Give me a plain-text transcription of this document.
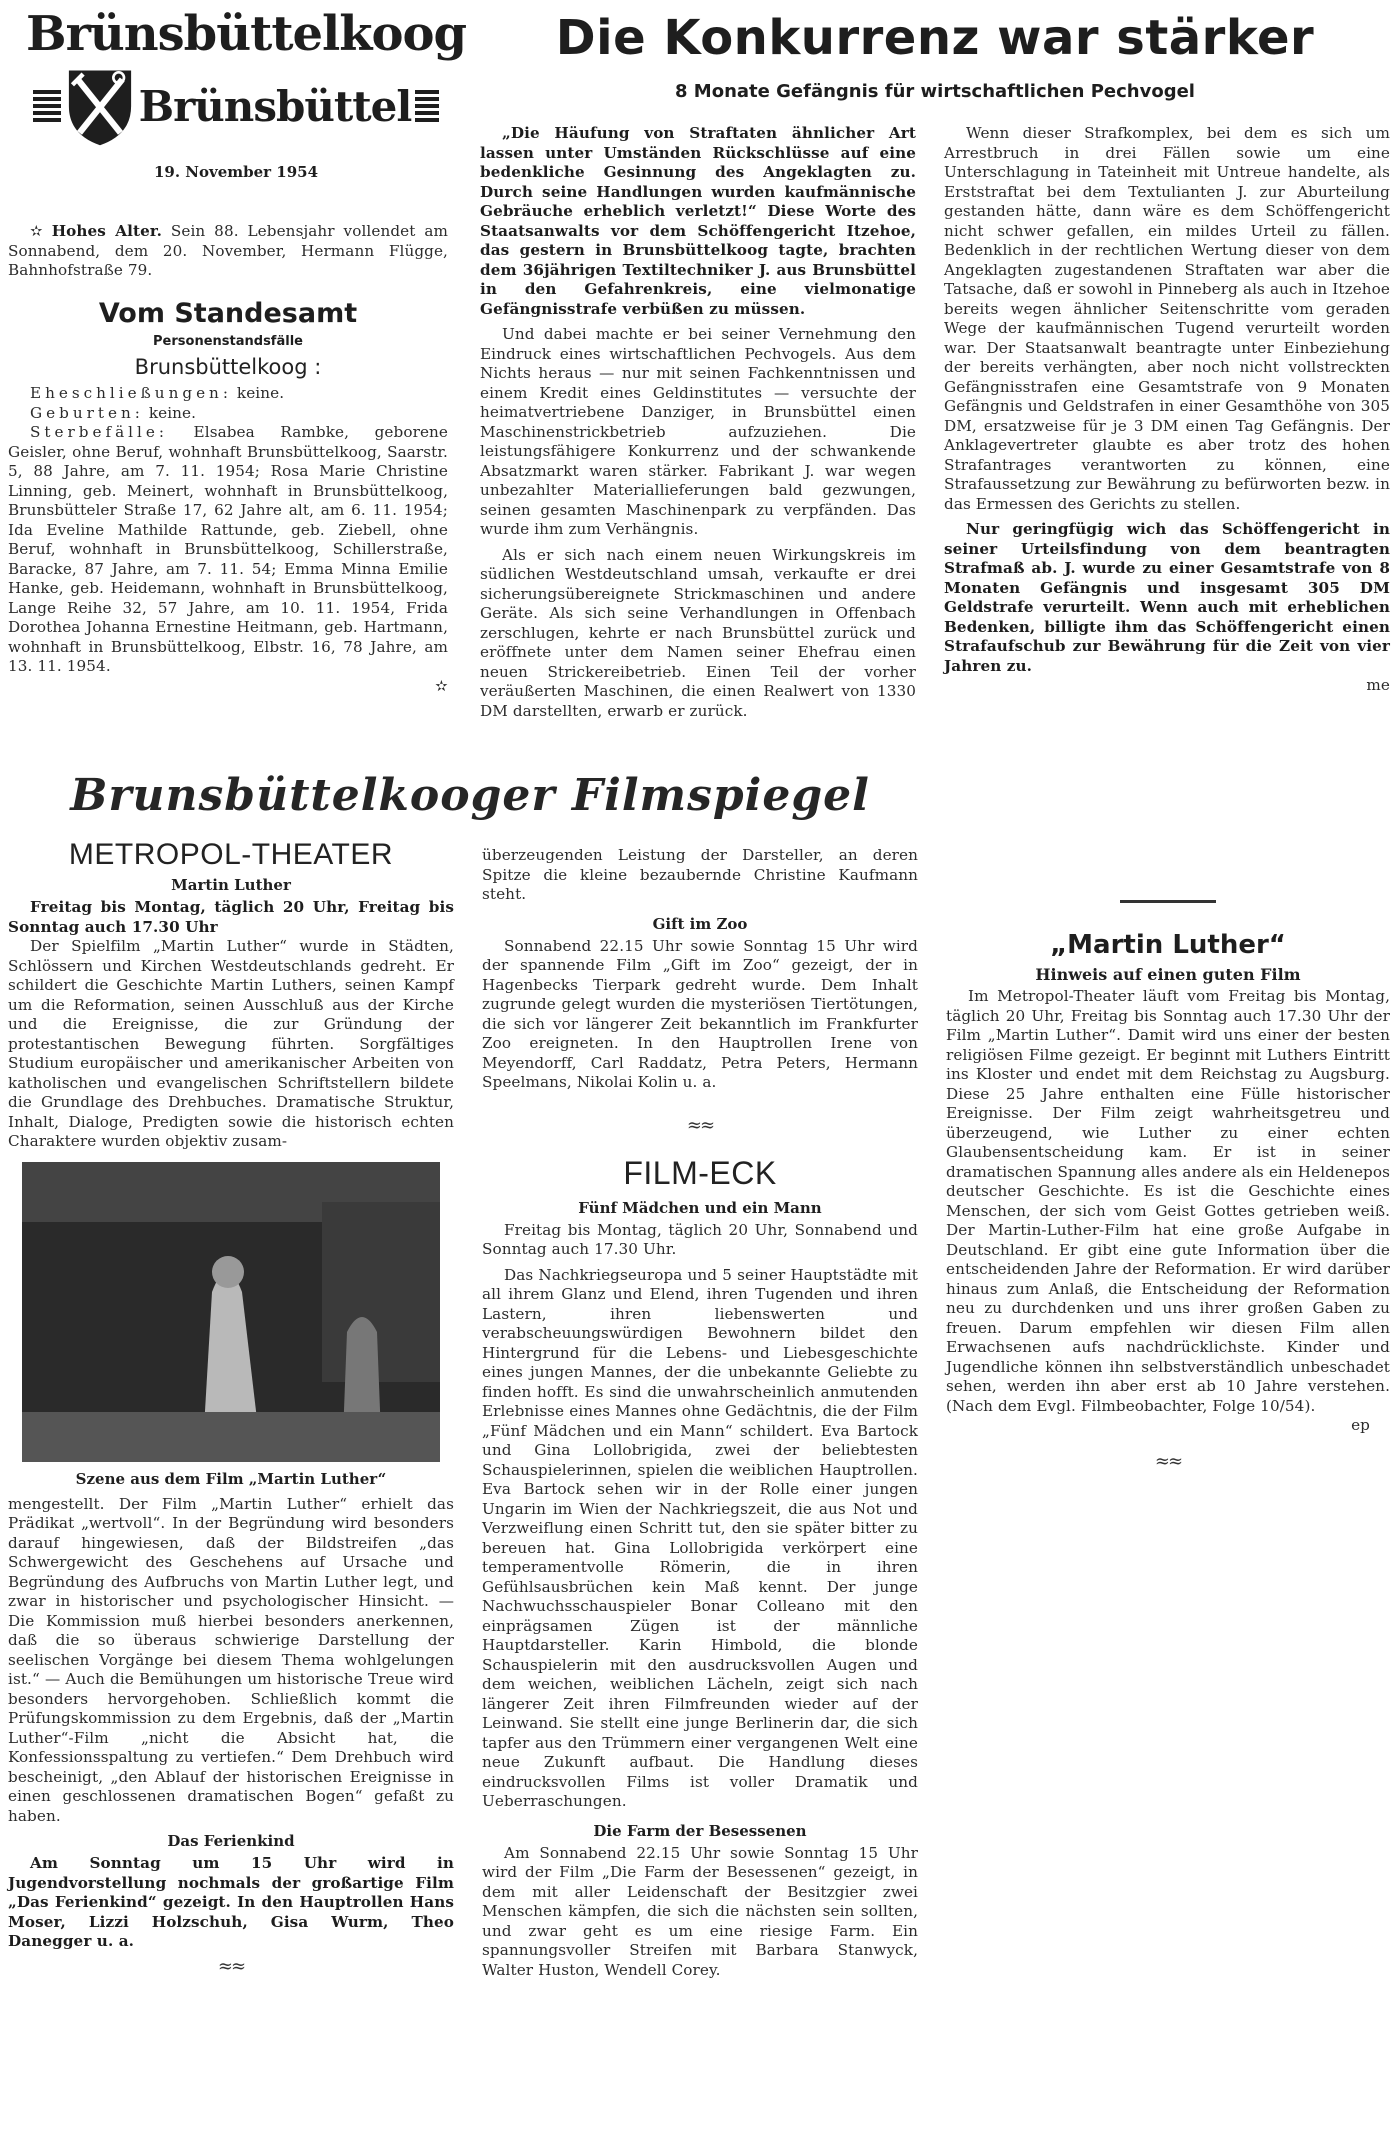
Brünsbüttelkoog
Brünsbüttel
19. November 1954

✫ Hohes Alter. Sein 88. Lebensjahr vollendet am Sonnabend, dem 20. November, Hermann Flügge, Bahnhofstraße 79.

Vom Standesamt
Personenstandsfälle
Brunsbüttelkoog :

Eheschließungen: keine.

Geburten: keine.

Sterbefälle: Elsabea Rambke, geborene Geisler, ohne Beruf, wohnhaft Brunsbüttelkoog, Saarstr. 5, 88 Jahre, am 7. 11. 1954; Rosa Marie Christine Linning, geb. Meinert, wohnhaft in Brunsbüttelkoog, Brunsbütteler Straße 17, 62 Jahre alt, am 6. 11. 1954; Ida Eveline Mathilde Rattunde, geb. Ziebell, ohne Beruf, wohnhaft in Brunsbüttelkoog, Schillerstraße, Baracke, 87 Jahre, am 7. 11. 54; Emma Minna Emilie Hanke, geb. Heidemann, wohnhaft in Brunsbüttelkoog, Lange Reihe 32, 57 Jahre, am 10. 11. 1954, Frida Dorothea Johanna Ernestine Heitmann, geb. Hartmann, wohnhaft in Brunsbüttelkoog, Elbstr. 16, 78 Jahre, am 13. 11. 1954.

✫
Die Konkurrenz war stärker
8 Monate Gefängnis für wirtschaftlichen Pechvogel

„Die Häufung von Straftaten ähnlicher Art lassen unter Umständen Rückschlüsse auf eine bedenkliche Gesinnung des Angeklagten zu. Durch seine Handlungen wurden kaufmännische Gebräuche erheblich verletzt!“ Diese Worte des Staatsanwalts vor dem Schöffengericht Itzehoe, das gestern in Brunsbüttelkoog tagte, brachten dem 36jährigen Textiltechniker J. aus Brunsbüttel in den Gefahrenkreis, eine vielmonatige Gefängnisstrafe verbüßen zu müssen.

Und dabei machte er bei seiner Vernehmung den Eindruck eines wirtschaftlichen Pechvogels. Aus dem Nichts heraus — nur mit seinen Fachkenntnissen und einem Kredit eines Geldinstitutes — versuchte der heimatvertriebene Danziger, in Brunsbüttel einen Maschinenstrickbetrieb aufzuziehen. Die leistungsfähigere Konkurrenz und der schwankende Absatzmarkt waren stärker. Fabrikant J. war wegen unbezahlter Materiallieferungen bald gezwungen, seinen gesamten Maschinenpark zu verpfänden. Das wurde ihm zum Verhängnis.

Als er sich nach einem neuen Wirkungskreis im südlichen Westdeutschland umsah, verkaufte er drei sicherungsübereignete Strickmaschinen und andere Geräte. Als sich seine Verhandlungen in Offenbach zerschlugen, kehrte er nach Brunsbüttel zurück und eröffnete unter dem Namen seiner Ehefrau einen neuen Strickereibetrieb. Einen Teil der vorher veräußerten Maschinen, die einen Realwert von 1330 DM darstellten, erwarb er zurück.

Wenn dieser Strafkomplex, bei dem es sich um Arrestbruch in drei Fällen sowie um eine Unterschlagung in Tateinheit mit Untreue handelte, als Erststraftat bei dem Textulianten J. zur Aburteilung gestanden hätte, dann wäre es dem Schöffengericht nicht schwer gefallen, ein mildes Urteil zu fällen. Bedenklich in der rechtlichen Wertung dieser von dem Angeklagten zugestandenen Straftaten war aber die Tatsache, daß er sowohl in Pinneberg als auch in Itzehoe bereits wegen ähnlicher Seitenschritte vom geraden Wege der kaufmännischen Tugend verurteilt worden war. Der Staatsanwalt beantragte unter Einbeziehung der bereits verhängten, aber noch nicht vollstreckten Gefängnisstrafen eine Gesamtstrafe von 9 Monaten Gefängnis und Geldstrafen in einer Gesamthöhe von 305 DM, ersatzweise für je 3 DM einen Tag Gefängnis. Der Anklagevertreter glaubte es aber trotz des hohen Strafantrages verantworten zu können, eine Strafaussetzung zur Bewährung zu befürworten bezw. in das Ermessen des Gerichts zu stellen.

Nur geringfügig wich das Schöffengericht in seiner Urteilsfindung von dem beantragten Strafmaß ab. J. wurde zu einer Gesamtstrafe von 8 Monaten Gefängnis und insgesamt 305 DM Geldstrafe verurteilt. Wenn auch mit erheblichen Bedenken, billigte ihm das Schöffengericht einen Strafaufschub zur Bewährung für die Zeit von vier Jahren zu.

me
Brunsbüttelkooger Filmspiegel
METROPOL-THEATER
Martin Luther

Freitag bis Montag, täglich 20 Uhr, Freitag bis Sonntag auch 17.30 Uhr

Der Spielfilm „Martin Luther“ wurde in Städten, Schlössern und Kirchen Westdeutschlands gedreht. Er schildert die Geschichte Martin Luthers, seinen Kampf um die Reformation, seinen Ausschluß aus der Kirche und die Ereignisse, die zur Gründung der protestantischen Bewegung führten. Sorgfältiges Studium europäischer und amerikanischer Arbeiten von katholischen und evangelischen Schriftstellern bildete die Grundlage des Drehbuches. Dramatische Struktur, Inhalt, Dialoge, Predigten sowie die historisch echten Charaktere wurden objektiv zusam-

Szene aus dem Film „Martin Luther“

mengestellt. Der Film „Martin Luther“ erhielt das Prädikat „wertvoll“. In der Begründung wird besonders darauf hingewiesen, daß der Bildstreifen „das Schwergewicht des Geschehens auf Ursache und Begründung des Aufbruchs von Martin Luther legt, und zwar in historischer und psychologischer Hinsicht. — Die Kommission muß hierbei besonders anerkennen, daß die so überaus schwierige Darstellung der seelischen Vorgänge bei diesem Thema wohlgelungen ist.“ — Auch die Bemühungen um historische Treue wird besonders hervorgehoben. Schließlich kommt die Prüfungskommission zu dem Ergebnis, daß der „Martin Luther“-Film „nicht die Absicht hat, die Konfessionsspaltung zu vertiefen.“ Dem Drehbuch wird bescheinigt, „den Ablauf der historischen Ereignisse in einen geschlossenen dramatischen Bogen“ gefaßt zu haben.

Das Ferienkind

Am Sonntag um 15 Uhr wird in Jugendvorstellung nochmals der großartige Film „Das Ferienkind“ gezeigt. In den Hauptrollen Hans Moser, Lizzi Holzschuh, Gisa Wurm, Theo Danegger u. a.

≈≈

überzeugenden Leistung der Darsteller, an deren Spitze die kleine bezaubernde Christine Kaufmann steht.

Gift im Zoo

Sonnabend 22.15 Uhr sowie Sonntag 15 Uhr wird der spannende Film „Gift im Zoo“ gezeigt, der in Hagenbecks Tierpark gedreht wurde. Dem Inhalt zugrunde gelegt wurden die mysteriösen Tiertötungen, die sich vor längerer Zeit bekanntlich im Frankfurter Zoo ereigneten. In den Hauptrollen Irene von Meyendorff, Carl Raddatz, Petra Peters, Hermann Speelmans, Nikolai Kolin u. a.

≈≈
FILM-ECK
Fünf Mädchen und ein Mann

Freitag bis Montag, täglich 20 Uhr, Sonnabend und Sonntag auch 17.30 Uhr.

Das Nachkriegseuropa und 5 seiner Hauptstädte mit all ihrem Glanz und Elend, ihren Tugenden und ihren Lastern, ihren liebenswerten und verabscheuungswürdigen Bewohnern bildet den Hintergrund für die Lebens- und Liebesgeschichte eines jungen Mannes, der die unbekannte Geliebte zu finden hofft. Es sind die unwahrscheinlich anmutenden Erlebnisse eines Mannes ohne Gedächtnis, die der Film „Fünf Mädchen und ein Mann“ schildert. Eva Bartock und Gina Lollobrigida, zwei der beliebtesten Schauspielerinnen, spielen die weiblichen Hauptrollen. Eva Bartock sehen wir in der Rolle einer jungen Ungarin im Wien der Nachkriegszeit, die aus Not und Verzweiflung einen Schritt tut, den sie später bitter zu bereuen hat. Gina Lollobrigida verkörpert eine temperamentvolle Römerin, die in ihren Gefühlsausbrüchen kein Maß kennt. Der junge Nachwuchsschauspieler Bonar Colleano mit den einprägsamen Zügen ist der männliche Hauptdarsteller. Karin Himbold, die blonde Schauspielerin mit den ausdrucksvollen Augen und dem weichen, weiblichen Lächeln, zeigt sich nach längerer Zeit ihren Filmfreunden wieder auf der Leinwand. Sie stellt eine junge Berlinerin dar, die sich tapfer aus den Trümmern einer vergangenen Welt eine neue Zukunft aufbaut. Die Handlung dieses eindrucksvollen Films ist voller Dramatik und Ueberraschungen.

Die Farm der Besessenen

Am Sonnabend 22.15 Uhr sowie Sonntag 15 Uhr wird der Film „Die Farm der Besessenen“ gezeigt, in dem mit aller Leidenschaft der Besitzgier zwei Menschen kämpfen, die sich die nächsten sein sollten, und zwar geht es um eine riesige Farm. Ein spannungsvoller Streifen mit Barbara Stanwyck, Walter Huston, Wendell Corey.

„Martin Luther“
Hinweis auf einen guten Film

Im Metropol-Theater läuft vom Freitag bis Montag, täglich 20 Uhr, Freitag bis Sonntag auch 17.30 Uhr der Film „Martin Luther“. Damit wird uns einer der besten religiösen Filme gezeigt. Er beginnt mit Luthers Eintritt ins Kloster und endet mit dem Reichstag zu Augsburg. Diese 25 Jahre enthalten eine Fülle historischer Ereignisse. Der Film zeigt wahrheitsgetreu und überzeugend, wie Luther zu einer echten Glaubensentscheidung kam. Er ist in seiner dramatischen Spannung alles andere als ein Heldenepos deutscher Geschichte. Es ist die Geschichte eines Menschen, der sich vom Geist Gottes getrieben weiß. Der Martin-Luther-Film hat eine große Aufgabe in Deutschland. Er gibt eine gute Information über die entscheidenden Jahre der Reformation. Er wird darüber hinaus zum Anlaß, die Entscheidung der Reformation neu zu durchdenken und uns ihrer großen Gaben zu freuen. Darum empfehlen wir diesen Film allen Erwachsenen aufs nachdrücklichste. Kinder und Jugendliche können ihn selbstverständlich unbeschadet sehen, werden ihn aber erst ab 10 Jahre verstehen. (Nach dem Evgl. Filmbeobachter, Folge 10/54).

ep
≈≈
